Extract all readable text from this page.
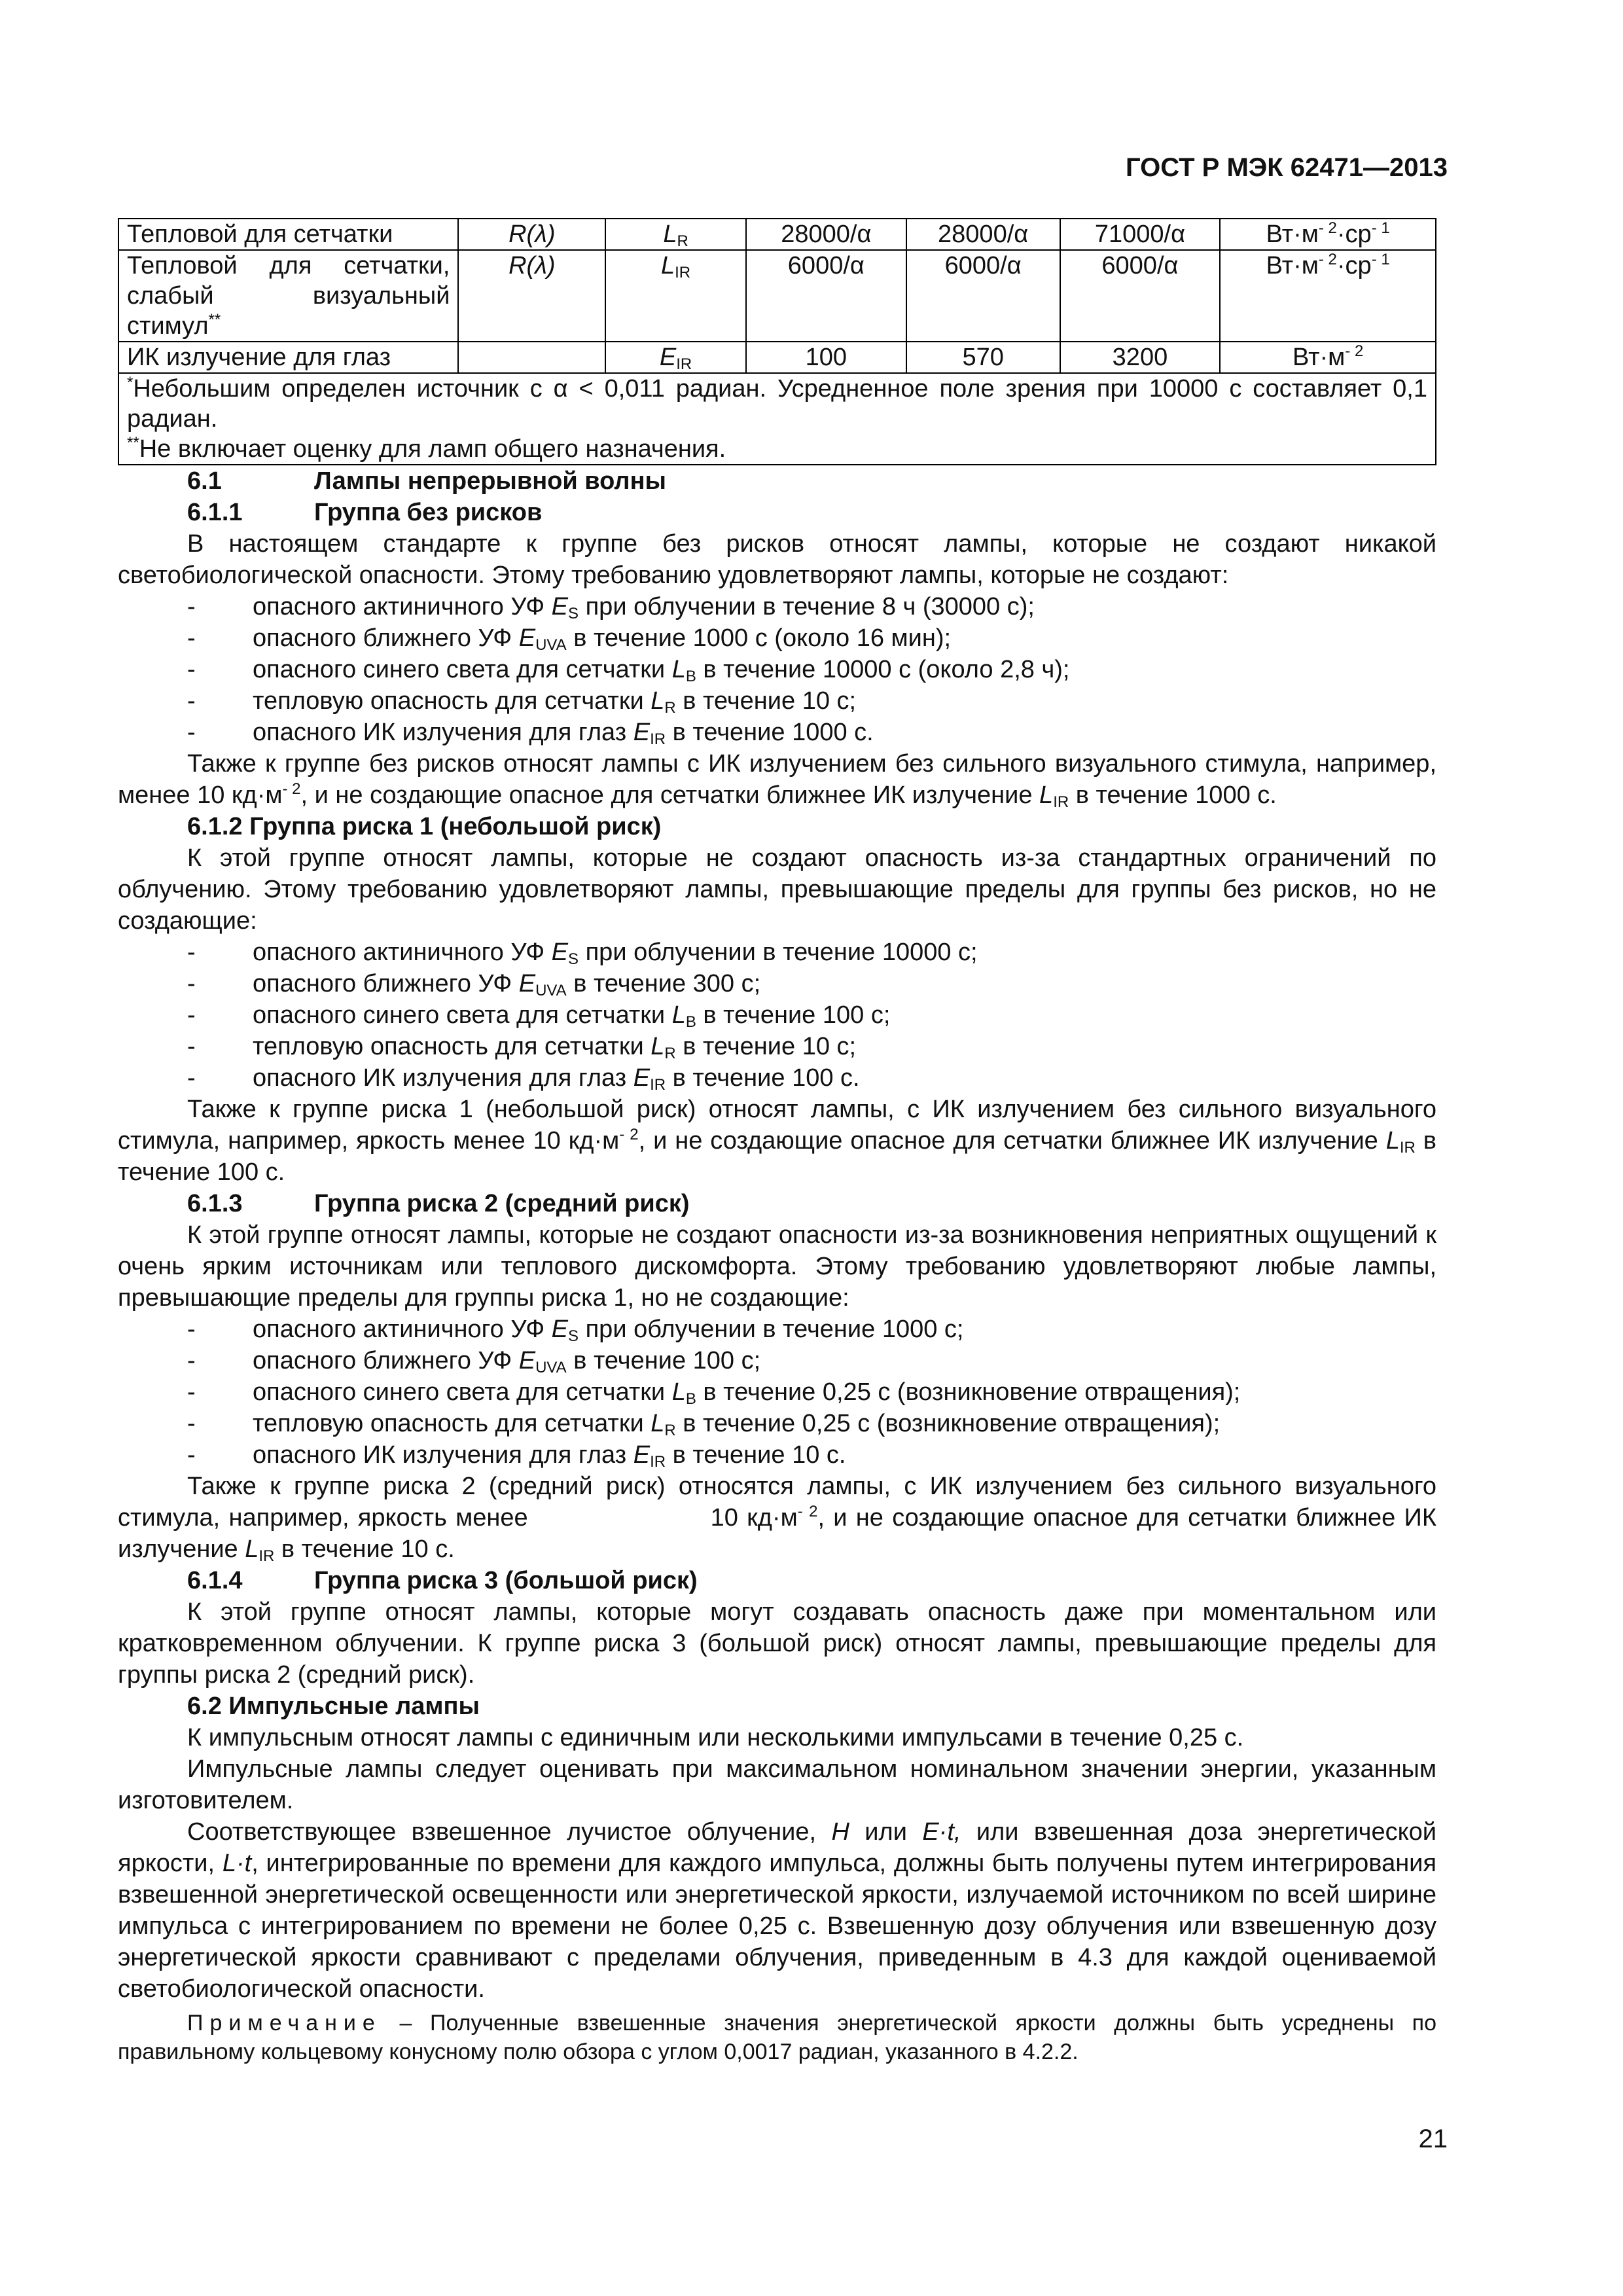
ГОСТ Р МЭК 62471—2013
Тепловой для сетчатки	R(λ)	$L_R$	28000/α	28000/α	71000/α	$Вт\cdot м^{- 2}\cdot ср^{- 1}$
Тепловой для сетчатки, слабый визуальный стимул**	R(λ)	$L_{IR}$	6000/α	6000/α	6000/α	$Вт\cdot м^{- 2}\cdot ср^{- 1}$
ИК излучение для глаз		$E_{IR}$	100	570	3200	$Вт\cdot м^{- 2}$

*Небольшим определен источник с α < 0,011 радиан. Усредненное поле зрения при 10000 с составляет 0,1 радиан.
**Не включает оценку для ламп общего назначения.						

6.1	Лампы непрерывной волны

6.1.1	Группа без рисков

В настоящем стандарте к группе без рисков относят лампы, которые не создают никакой светобиологической опасности. Этому требованию удовлетворяют лампы, которые не создают:

- опасного актиничного УФ $E_S$ при облучении в течение 8 ч (30000 с);
- опасного ближнего УФ $E_{UVA}$ в течение 1000 с (около 16 мин);
- опасного синего света для сетчатки $L_B$ в течение 10000 с (около 2,8 ч);
- тепловую опасность для сетчатки $L_R$ в течение 10 с;
- опасного ИК излучения для глаз $E_{IR}$ в течение 1000 с.

Также к группе без рисков относят лампы с ИК излучением без сильного визуального стимула, например, менее 10 $кд\cdot м^{- 2}$, и не создающие опасное для сетчатки ближнее ИК излучение $L_{IR}$ в течение 1000 с.

6.1.2 Группа риска 1 (небольшой риск)

К этой группе относят лампы, которые не создают опасность из-за стандартных ограничений по облучению. Этому требованию удовлетворяют лампы, превышающие пределы для группы без рисков, но не создающие:

- опасного актиничного УФ $E_S$ при облучении в течение 10000 с;
- опасного ближнего УФ $E_{UVA}$ в течение 300 с;
- опасного синего света для сетчатки $L_B$ в течение 100 с;
- тепловую опасность для сетчатки $L_R$ в течение 10 с;
- опасного ИК излучения для глаз $E_{IR}$ в течение 100 с.

Также к группе риска 1 (небольшой риск) относят лампы, с ИК излучением без сильного визуального стимула, например, яркость менее 10 $кд\cdot м^{- 2}$, и не создающие опасное для сетчатки ближнее ИК излучение $L_{IR}$ в течение 100 с.

6.1.3	Группа риска 2 (средний риск)

К этой группе относят лампы, которые не создают опасности из-за возникновения неприятных ощущений к очень ярким источникам или теплового дискомфорта. Этому требованию удовлетворяют любые лампы, превышающие пределы для группы риска 1, но не создающие:

- опасного актиничного УФ $E_S$ при облучении в течение 1000 с;
- опасного ближнего УФ $E_{UVA}$ в течение 100 с;
- опасного синего света для сетчатки $L_B$ в течение 0,25 с (возникновение отвращения);
- тепловую опасность для сетчатки $L_R$ в течение 0,25 с (возникновение отвращения);
- опасного ИК излучения для глаз $E_{IR}$ в течение 10 с.

Также к группе риска 2 (средний риск) относятся лампы, с ИК излучением без сильного визуального стимула, например, яркость менее                     10 $кд\cdot м^{- 2}$, и не создающие опасное для сетчатки ближнее ИК излучение $L_{IR}$ в течение 10 с.

6.1.4	Группа риска 3 (большой риск)

К этой группе относят лампы, которые могут создавать опасность даже при моментальном или кратковременном облучении. К группе риска 3 (большой риск) относят лампы, превышающие пределы для группы риска 2 (средний риск).

6.2 Импульсные лампы

К импульсным относят лампы с единичным или несколькими импульсами в течение 0,25 с.

Импульсные лампы следует оценивать при максимальном номинальном значении энергии, указанным изготовителем.

Соответствующее взвешенное лучистое облучение, H или E·t, или взвешенная доза энергетической яркости, L·t, интегрированные по времени для каждого импульса, должны быть получены путем интегрирования взвешенной энергетической освещенности или энергетической яркости, излучаемой источником по всей ширине импульса с интегрированием по времени не более 0,25 с. Взвешенную дозу облучения или взвешенную дозу энергетической яркости сравнивают с пределами облучения, приведенным в 4.3 для каждой оцениваемой светобиологической опасности.

Примечание – Полученные взвешенные значения энергетической яркости должны быть усреднены по правильному кольцевому конусному полю обзора с углом 0,0017 радиан, указанного в 4.2.2.

21
